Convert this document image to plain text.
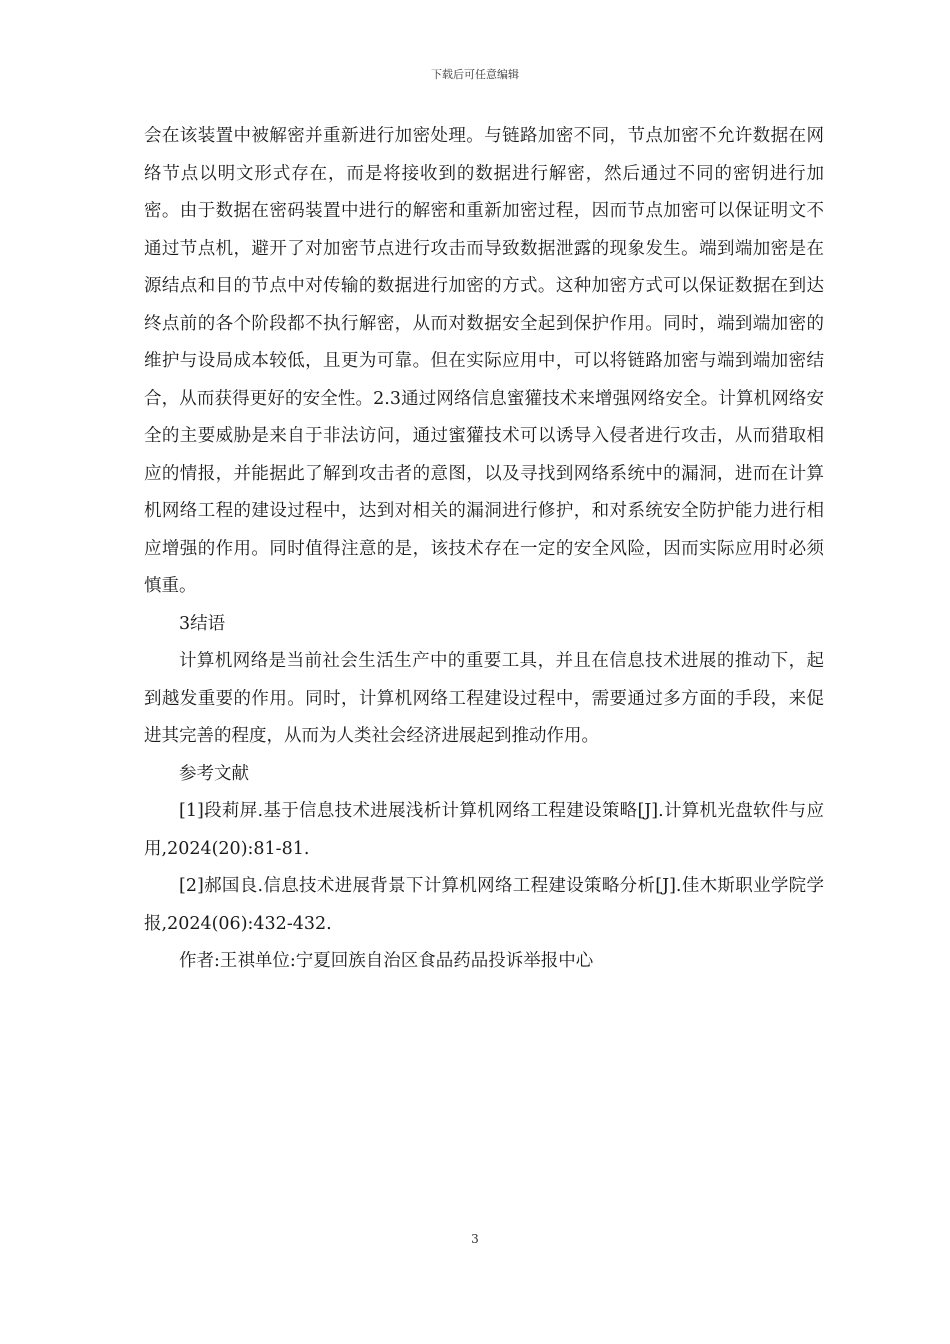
下载后可任意编辑

会在该装置中被解密并重新进行加密处理。与链路加密不同，节点加密不允许数据在网络节点以明文形式存在，而是将接收到的数据进行解密，然后通过不同的密钥进行加密。由于数据在密码装置中进行的解密和重新加密过程，因而节点加密可以保证明文不通过节点机，避开了对加密节点进行攻击而导致数据泄露的现象发生。端到端加密是在源结点和目的节点中对传输的数据进行加密的方式。这种加密方式可以保证数据在到达终点前的各个阶段都不执行解密，从而对数据安全起到保护作用。同时，端到端加密的维护与设局成本较低，且更为可靠。但在实际应用中，可以将链路加密与端到端加密结合，从而获得更好的安全性。2.3通过网络信息蜜獾技术来增强网络安全。计算机网络安全的主要威胁是来自于非法访问，通过蜜獾技术可以诱导入侵者进行攻击，从而猎取相应的情报，并能据此了解到攻击者的意图，以及寻找到网络系统中的漏洞，进而在计算机网络工程的建设过程中，达到对相关的漏洞进行修护，和对系统安全防护能力进行相应增强的作用。同时值得注意的是，该技术存在一定的安全风险，因而实际应用时必须慎重。

3结语

计算机网络是当前社会生活生产中的重要工具，并且在信息技术进展的推动下，起到越发重要的作用。同时，计算机网络工程建设过程中，需要通过多方面的手段，来促进其完善的程度，从而为人类社会经济进展起到推动作用。

参考文献

[1]段莉屏.基于信息技术进展浅析计算机网络工程建设策略[J].计算机光盘软件与应用,2024(20):81-81.

[2]郝国良.信息技术进展背景下计算机网络工程建设策略分析[J].佳木斯职业学院学报,2024(06):432-432.

作者:王祺单位:宁夏回族自治区食品药品投诉举报中心

3
